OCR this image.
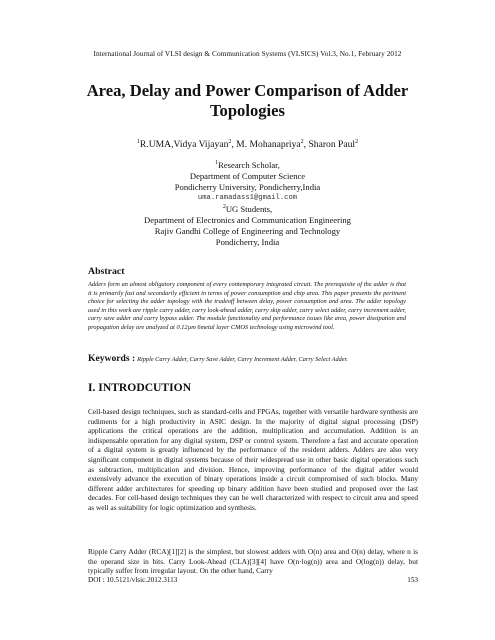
International Journal of VLSI design & Communication Systems (VLSICS) Vol.3, No.1, February 2012
Area, Delay and Power Comparison of Adder
Topologies
$^1$R.UMA,Vidya Vijayan$^2$, M. Mohanapriya$^2$, Sharon Paul$^2$
$^1$Research Scholar,
Department of Computer Science
Pondicherry University, Pondicherry,India
uma.ramadass1@gmail.com
$^2$UG Students,
Department of Electronics and Communication Engineering
Rajiv Gandhi College of Engineering and Technology
Pondicherry, India
Abstract
Adders form an almost obligatory component of every contemporary integrated circuit. The prerequisite of the adder is that it is primarily fast and secondarily efficient in terms of power consumption and chip area. This paper presents the pertinent choice for selecting the adder topology with the tradeoff between delay, power consumption and area. The adder topology used in this work are ripple carry adder, carry look-ahead adder, carry skip adder, carry select adder, carry increment adder, carry save adder and carry bypass adder. The module functionality and performance issues like area, power dissipation and propagation delay are analyzed at 0.12µm 6metal layer CMOS technology using microwind tool.
Keywords : Ripple Carry Adder, Carry Save Adder, Carry Increment Adder, Carry Select Adder.
I. INTRODCUTION
Cell-based design techniques, such as standard-cells and FPGAs, together with versatile hardware synthesis are rudiments for a high productivity in ASIC design. In the majority of digital signal processing (DSP) applications the critical operations are the addition, multiplication and accumulation. Addition is an indispensable operation for any digital system, DSP or control system. Therefore a fast and accurate operation of a digital system is greatly influenced by the performance of the resident adders. Adders are also very significant component in digital systems because of their widespread use in other basic digital operations such as subtraction, multiplication and division. Hence, improving performance of the digital adder would extensively advance the execution of binary operations inside a circuit compromised of such blocks. Many different adder architectures for speeding up binary addition have been studied and proposed over the last decades. For cell-based design techniques they can be well characterized with respect to circuit area and speed as well as suitability for logic optimization and synthesis.
Ripple Carry Adder (RCA)[1][2] is the simplest, but slowest adders with O(n) area and O(n) delay, where n is the operand size in bits. Carry Look-Ahead (CLA)[3][4] have O(n·log(n)) area and O(log(n)) delay, but typically suffer from irregular layout. On the other hand, Carry
DOI : 10.5121/vlsic.2012.3113	153
